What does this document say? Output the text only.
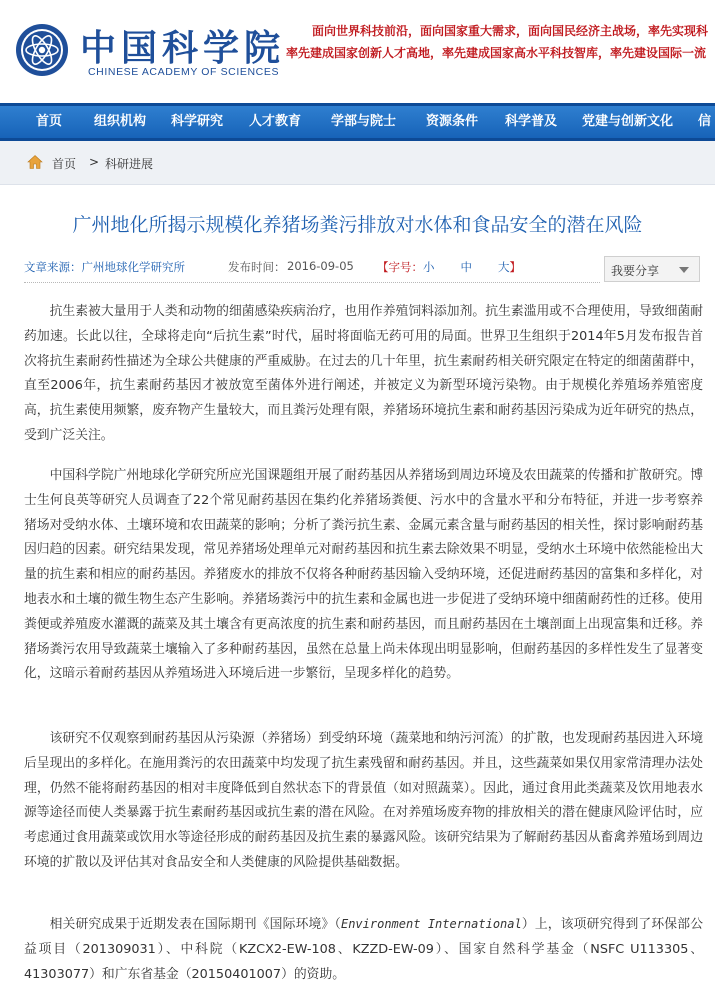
中国科学院
CHINESE ACADEMY OF SCIENCES
面向世界科技前沿，面向国家重大需求，面向国民经济主战场，率先实现科
率先建成国家创新人才高地，率先建成国家高水平科技智库，率先建设国际一流
首页 组织机构 科学研究 人才教育 学部与院士 资源条件 科学普及 党建与创新文化 信
首页 > 科研进展
广州地化所揭示规模化养猪场粪污排放对水体和食品安全的潜在风险
文章来源：广州地球化学研究所	发布时间： 2016-09-05 【字号：小 中 大】	我要分享

抗生素被大量用于人类和动物的细菌感染疾病治疗，也用作养殖饲料添加剂。抗生素滥用或不合理使用，导致细菌耐药加速。长此以往，全球将走向“后抗生素”时代，届时将面临无药可用的局面。世界卫生组织于2014年5月发布报告首次将抗生素耐药性描述为全球公共健康的严重威胁。在过去的几十年里，抗生素耐药相关研究限定在特定的细菌菌群中，直至2006年，抗生素耐药基因才被放宽至菌体外进行阐述，并被定义为新型环境污染物。由于规模化养殖场养殖密度高，抗生素使用频繁，废弃物产生量较大，而且粪污处理有限，养猪场环境抗生素和耐药基因污染成为近年研究的热点，受到广泛关注。

中国科学院广州地球化学研究所应光国课题组开展了耐药基因从养猪场到周边环境及农田蔬菜的传播和扩散研究。博士生何良英等研究人员调查了22个常见耐药基因在集约化养猪场粪便、污水中的含量水平和分布特征，并进一步考察养猪场对受纳水体、土壤环境和农田蔬菜的影响；分析了粪污抗生素、金属元素含量与耐药基因的相关性，探讨影响耐药基因归趋的因素。研究结果发现，常见养猪场处理单元对耐药基因和抗生素去除效果不明显，受纳水土环境中依然能检出大量的抗生素和相应的耐药基因。养猪废水的排放不仅将各种耐药基因输入受纳环境，还促进耐药基因的富集和多样化，对地表水和土壤的微生物生态产生影响。养猪场粪污中的抗生素和金属也进一步促进了受纳环境中细菌耐药性的迁移。使用粪便或养殖废水灌溉的蔬菜及其土壤含有更高浓度的抗生素和耐药基因，而且耐药基因在土壤剖面上出现富集和迁移。养猪场粪污农用导致蔬菜土壤输入了多种耐药基因，虽然在总量上尚未体现出明显影响，但耐药基因的多样性发生了显著变化，这暗示着耐药基因从养殖场进入环境后进一步繁衍，呈现多样化的趋势。

该研究不仅观察到耐药基因从污染源（养猪场）到受纳环境（蔬菜地和纳污河流）的扩散，也发现耐药基因进入环境后呈现出的多样化。在施用粪污的农田蔬菜中均发现了抗生素残留和耐药基因。并且，这些蔬菜如果仅用家常清理办法处理，仍然不能将耐药基因的相对丰度降低到自然状态下的背景值（如对照蔬菜）。因此，通过食用此类蔬菜及饮用地表水源等途径而使人类暴露于抗生素耐药基因或抗生素的潜在风险。在对养殖场废弃物的排放相关的潜在健康风险评估时，应考虑通过食用蔬菜或饮用水等途径形成的耐药基因及抗生素的暴露风险。该研究结果为了解耐药基因从畜禽养殖场到周边环境的扩散以及评估其对食品安全和人类健康的风险提供基础数据。

相关研究成果于近期发表在国际期刊《国际环境》（Environment International）上，该项研究得到了环保部公益项目（201309031）、中科院（KZCX2-EW-108、KZZD-EW-09）、国家自然科学基金（NSFC U113305、41303077）和广东省基金（20150401007）的资助。
